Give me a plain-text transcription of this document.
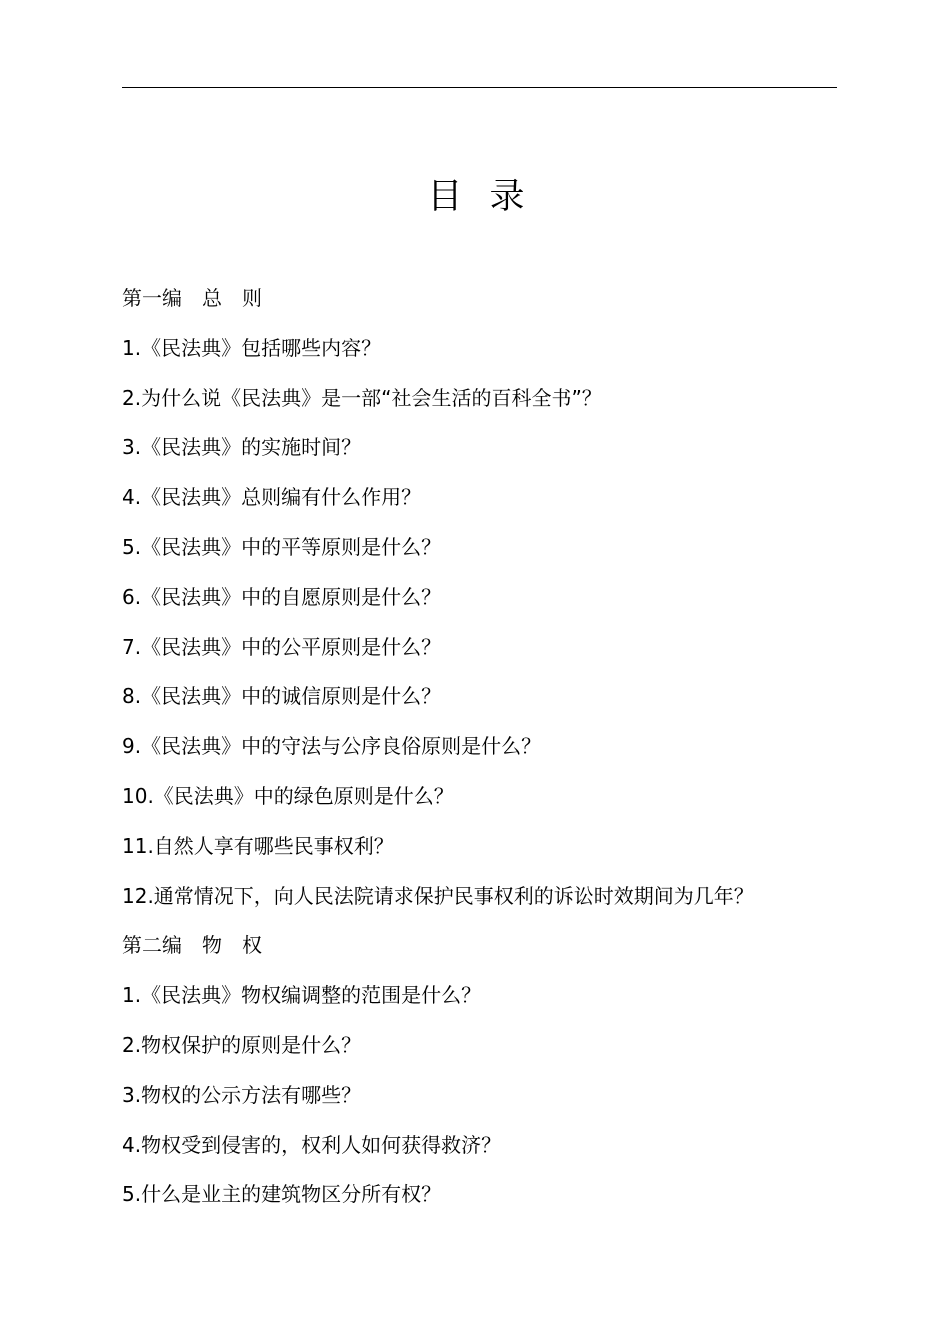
目 录
第一编　总　则
1.《民法典》包括哪些内容？
2.为什么说《民法典》是一部“社会生活的百科全书”？
3.《民法典》的实施时间？
4.《民法典》总则编有什么作用？
5.《民法典》中的平等原则是什么？
6.《民法典》中的自愿原则是什么？
7.《民法典》中的公平原则是什么？
8.《民法典》中的诚信原则是什么？
9.《民法典》中的守法与公序良俗原则是什么？
10.《民法典》中的绿色原则是什么？
11.自然人享有哪些民事权利？
12.通常情况下，向人民法院请求保护民事权利的诉讼时效期间为几年？
第二编　物　权
1.《民法典》物权编调整的范围是什么？
2.物权保护的原则是什么？
3.物权的公示方法有哪些？
4.物权受到侵害的，权利人如何获得救济？
5.什么是业主的建筑物区分所有权？
